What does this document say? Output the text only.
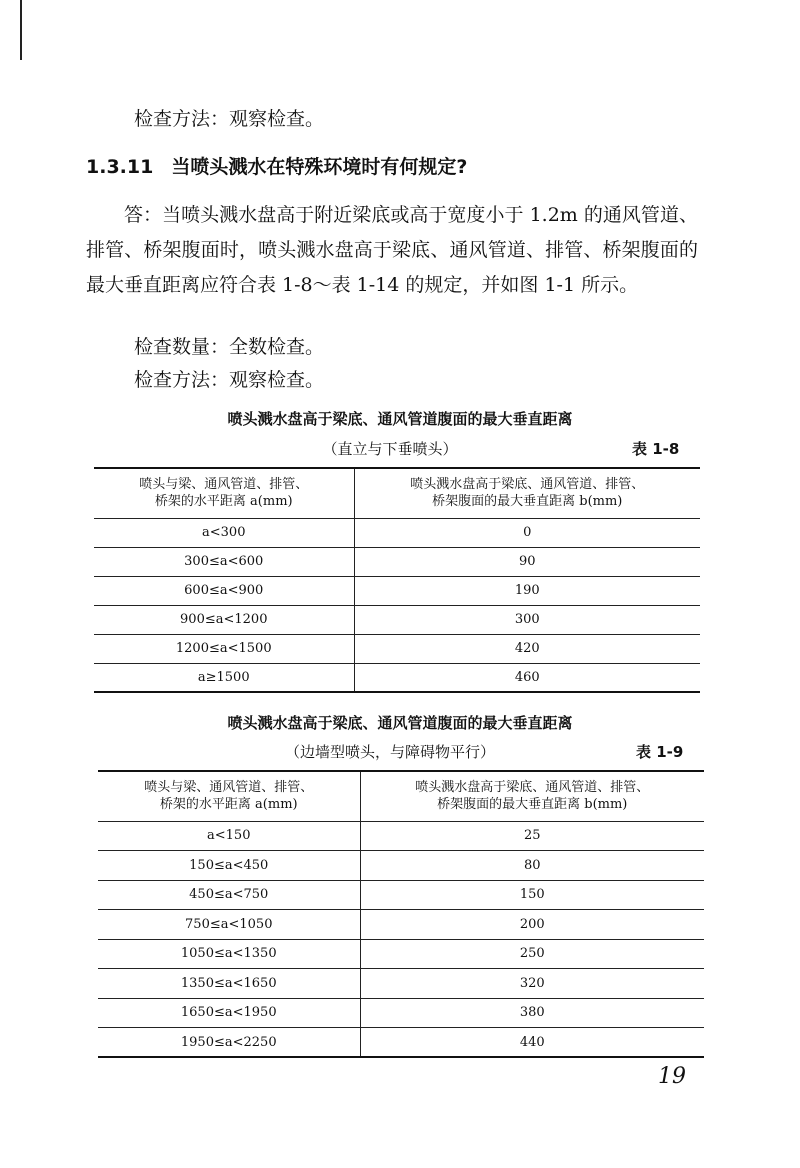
检查方法：观察检查。
1.3.11 当喷头溅水在特殊环境时有何规定?
答：当喷头溅水盘高于附近梁底或高于宽度小于 1.2m 的通风管道、排管、桥架腹面时，喷头溅水盘高于梁底、通风管道、排管、桥架腹面的最大垂直距离应符合表 1-8～表 1-14 的规定，并如图 1-1 所示。
检查数量：全数检查。
检查方法：观察检查。
喷头溅水盘高于梁底、通风管道腹面的最大垂直距离
（直立与下垂喷头）	表 1-8
喷头与梁、通风管道、排管、
桥架的水平距离 a(mm)	喷头溅水盘高于梁底、通风管道、排管、
桥架腹面的最大垂直距离 b(mm)
a<300	0
300≤a<600	90
600≤a<900	190
900≤a<1200	300
1200≤a<1500	420
a≥1500	460
喷头溅水盘高于梁底、通风管道腹面的最大垂直距离
（边墙型喷头，与障碍物平行）	表 1-9
喷头与梁、通风管道、排管、
桥架的水平距离 a(mm)	喷头溅水盘高于梁底、通风管道、排管、
桥架腹面的最大垂直距离 b(mm)
a<150	25
150≤a<450	80
450≤a<750	150
750≤a<1050	200
1050≤a<1350	250
1350≤a<1650	320
1650≤a<1950	380
1950≤a<2250	440
19
